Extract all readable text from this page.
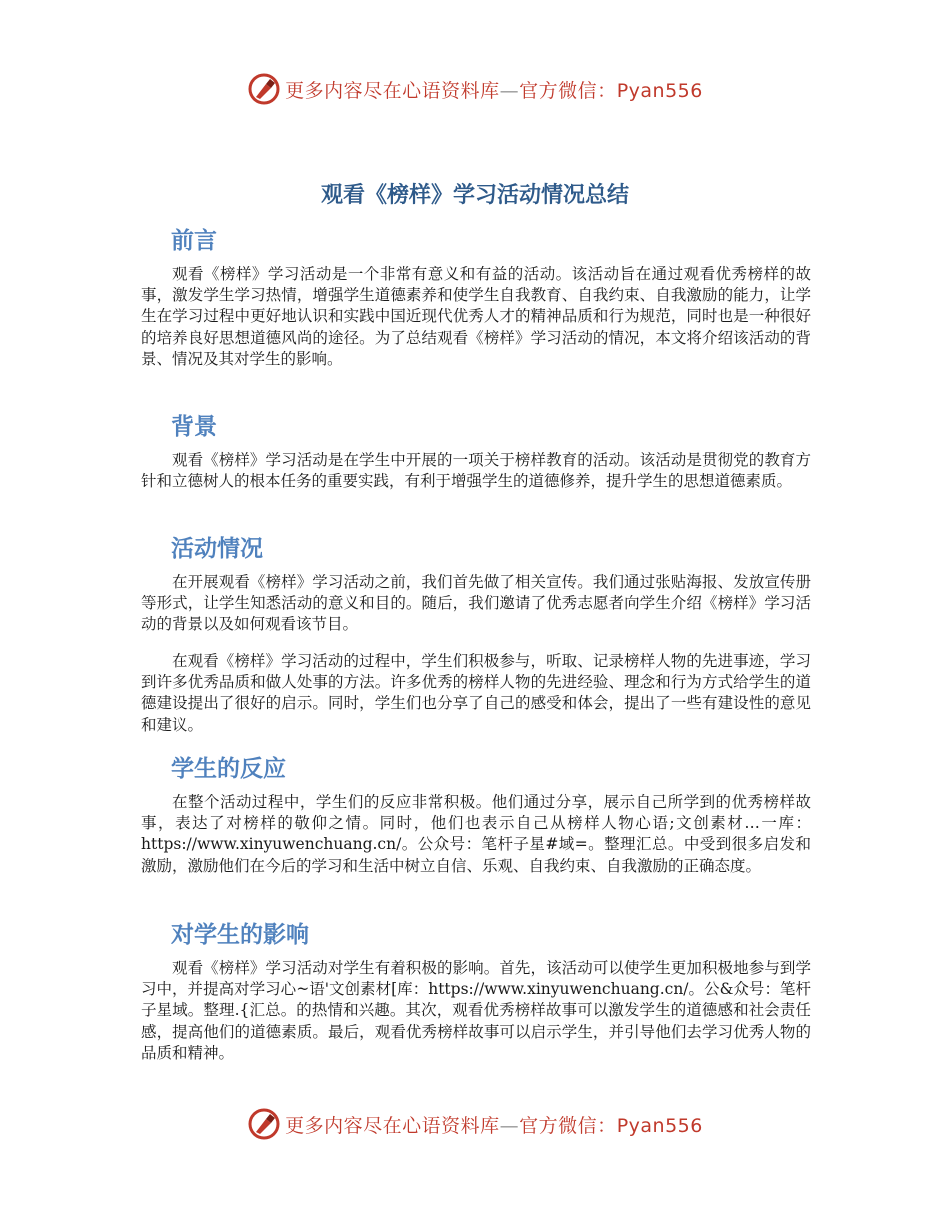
更多内容尽在心语资料库—官方微信：Pyan556
观看《榜样》学习活动情况总结
前言

观看《榜样》学习活动是一个非常有意义和有益的活动。该活动旨在通过观看优秀榜样的故事，激发学生学习热情，增强学生道德素养和使学生自我教育、自我约束、自我激励的能力，让学生在学习过程中更好地认识和实践中国近现代优秀人才的精神品质和行为规范，同时也是一种很好的培养良好思想道德风尚的途径。为了总结观看《榜样》学习活动的情况，本文将介绍该活动的背景、情况及其对学生的影响。

背景

观看《榜样》学习活动是在学生中开展的一项关于榜样教育的活动。该活动是贯彻党的教育方针和立德树人的根本任务的重要实践，有利于增强学生的道德修养，提升学生的思想道德素质。

活动情况

在开展观看《榜样》学习活动之前，我们首先做了相关宣传。我们通过张贴海报、发放宣传册等形式，让学生知悉活动的意义和目的。随后，我们邀请了优秀志愿者向学生介绍《榜样》学习活动的背景以及如何观看该节目。

在观看《榜样》学习活动的过程中，学生们积极参与，听取、记录榜样人物的先进事迹，学习到许多优秀品质和做人处事的方法。许多优秀的榜样人物的先进经验、理念和行为方式给学生的道德建设提出了很好的启示。同时，学生们也分享了自己的感受和体会，提出了一些有建设性的意见和建议。

学生的反应

在整个活动过程中，学生们的反应非常积极。他们通过分享，展示自己所学到的优秀榜样故事，表达了对榜样的敬仰之情。同时，他们也表示自己从榜样人物心语;文创素材…一库：https://www.xinyuwenchuang.cn/。公众号：笔杆子星#域=。整理汇总。中受到很多启发和激励，激励他们在今后的学习和生活中树立自信、乐观、自我约束、自我激励的正确态度。

对学生的影响

观看《榜样》学习活动对学生有着积极的影响。首先，该活动可以使学生更加积极地参与到学习中，并提高对学习心~语'文创素材[库：https://www.xinyuwenchuang.cn/。公&众号：笔杆子星域。整理.{汇总。的热情和兴趣。其次，观看优秀榜样故事可以激发学生的道德感和社会责任感，提高他们的道德素质。最后，观看优秀榜样故事可以启示学生，并引导他们去学习优秀人物的品质和精神。

更多内容尽在心语资料库—官方微信：Pyan556
